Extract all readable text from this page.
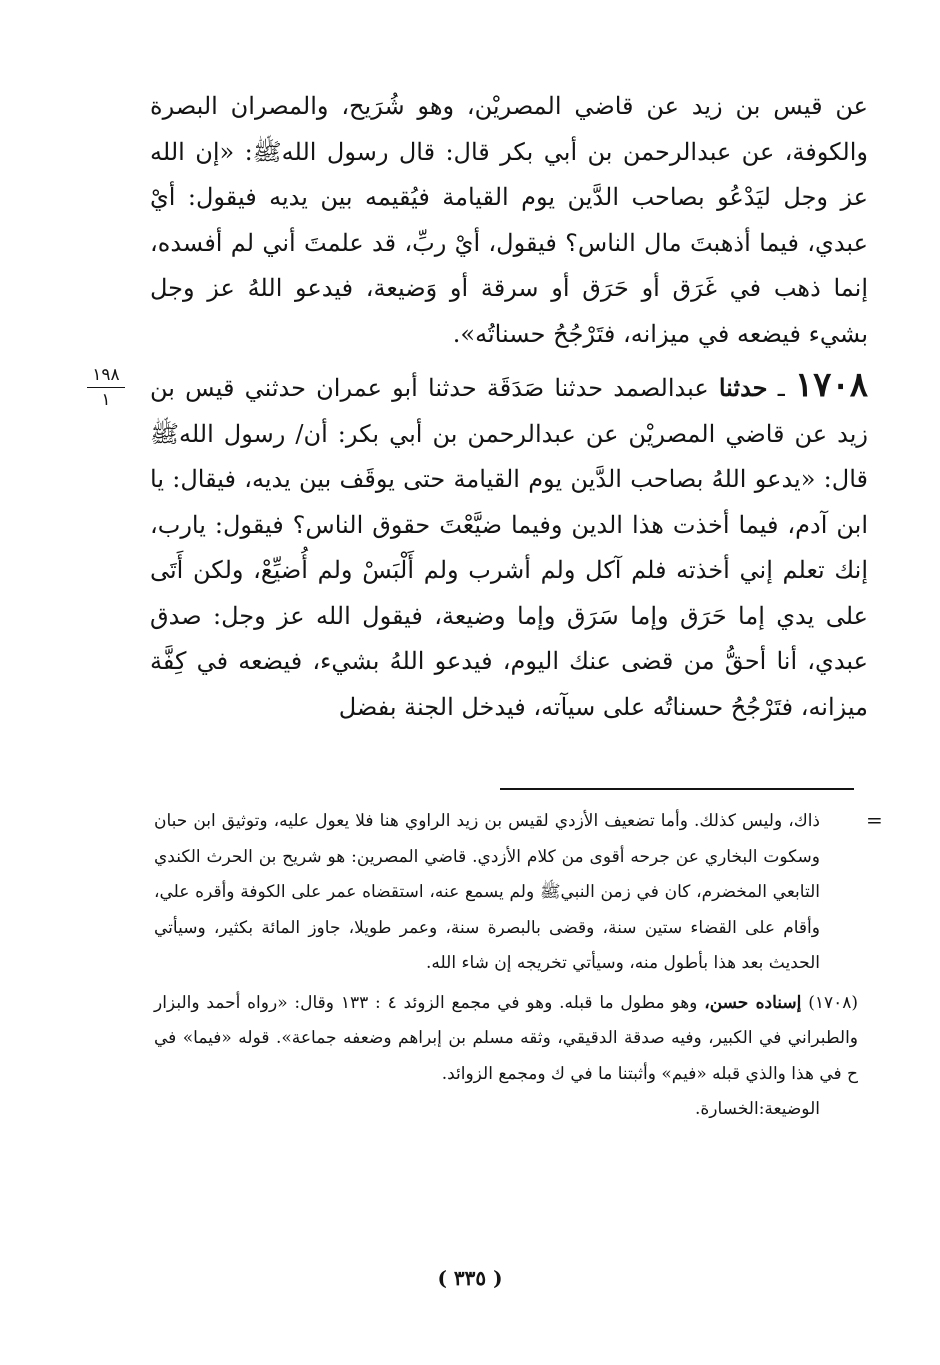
عن قيس بن زيد عن قاضي المصريْن، وهو شُرَيح، والمصران البصرة والكوفة، عن عبدالرحمن بن أبي بكر قال: قال رسول اللهﷺ: «إن الله عز وجل ليَدْعُو بصاحب الدَّين يوم القيامة فيُقيمه بين يديه فيقول: أيْ عبدي، فيما أذهبتَ مال الناس؟ فيقول، أيْ ربِّ، قد علمتَ أني لم أفسده، إنما ذهب في غَرَق أو حَرَق أو سرقة أو وَضيعة، فيدعو اللهُ عز وجل بشيء فيضعه في ميزانه، فتَرْجُحُ حسناتُه».

١٧٠٨ ـ حدثنا عبدالصمد حدثنا صَدَقَة حدثنا أبو عمران حدثني قيس بن زيد عن قاضي المصريْن عن عبدالرحمن بن أبي بكر: أن/ رسول اللهﷺ قال: «يدعو اللهُ بصاحب الدَّين يوم القيامة حتى يوقَف بين يديه، فيقال: يا ابن آدم، فيما أخذت هذا الدين وفيما ضيَّعْتَ حقوق الناس؟ فيقول: يارب، إنك تعلم إني أخذته فلم آكل ولم أشرب ولم أَلْبَسْ ولم أُضيِّعْ، ولكن أَتَى على يدي إما حَرَق وإما سَرَق وإما وضيعة، فيقول الله عز وجل: صدق عبدي، أنا أحقُّ من قضى عنك اليوم، فيدعو اللهُ بشيء، فيضعه في كِفَّة ميزانه، فتَرْجُحُ حسناتُه على سيآته، فيدخل الجنة بفضل

١٩٨
١
=

ذاك، وليس كذلك. وأما تضعيف الأزدي لقيس بن زيد الراوي هنا فلا يعول عليه، وتوثيق ابن حبان وسكوت البخاري عن جرحه أقوى من كلام الأزدي. قاضي المصرين: هو شريح بن الحرث الكندي التابعي المخضرم، كان في زمن النبيﷺ ولم يسمع عنه، استقضاه عمر على الكوفة وأقره علي، وأقام على القضاء ستين سنة، وقضى بالبصرة سنة، وعمر طويلا، جاوز المائة بكثير، وسيأتي الحديث بعد هذا بأطول منه، وسيأتي تخريجه إن شاء الله.

(١٧٠٨) إسناده حسن، وهو مطول ما قبله. وهو في مجمع الزوئد ٤ : ١٣٣ وقال: «رواه أحمد والبزار والطبراني في الكبير، وفيه صدقة الدقيقي، وثقه مسلم بن إبراهم وضعفه جماعة». قوله «فيما» في ح في هذا والذي قبله «فيم» وأثبتنا ما في ك ومجمع الزوائد.

الوضيعة:الخسارة.

( ٣٣٥ )
